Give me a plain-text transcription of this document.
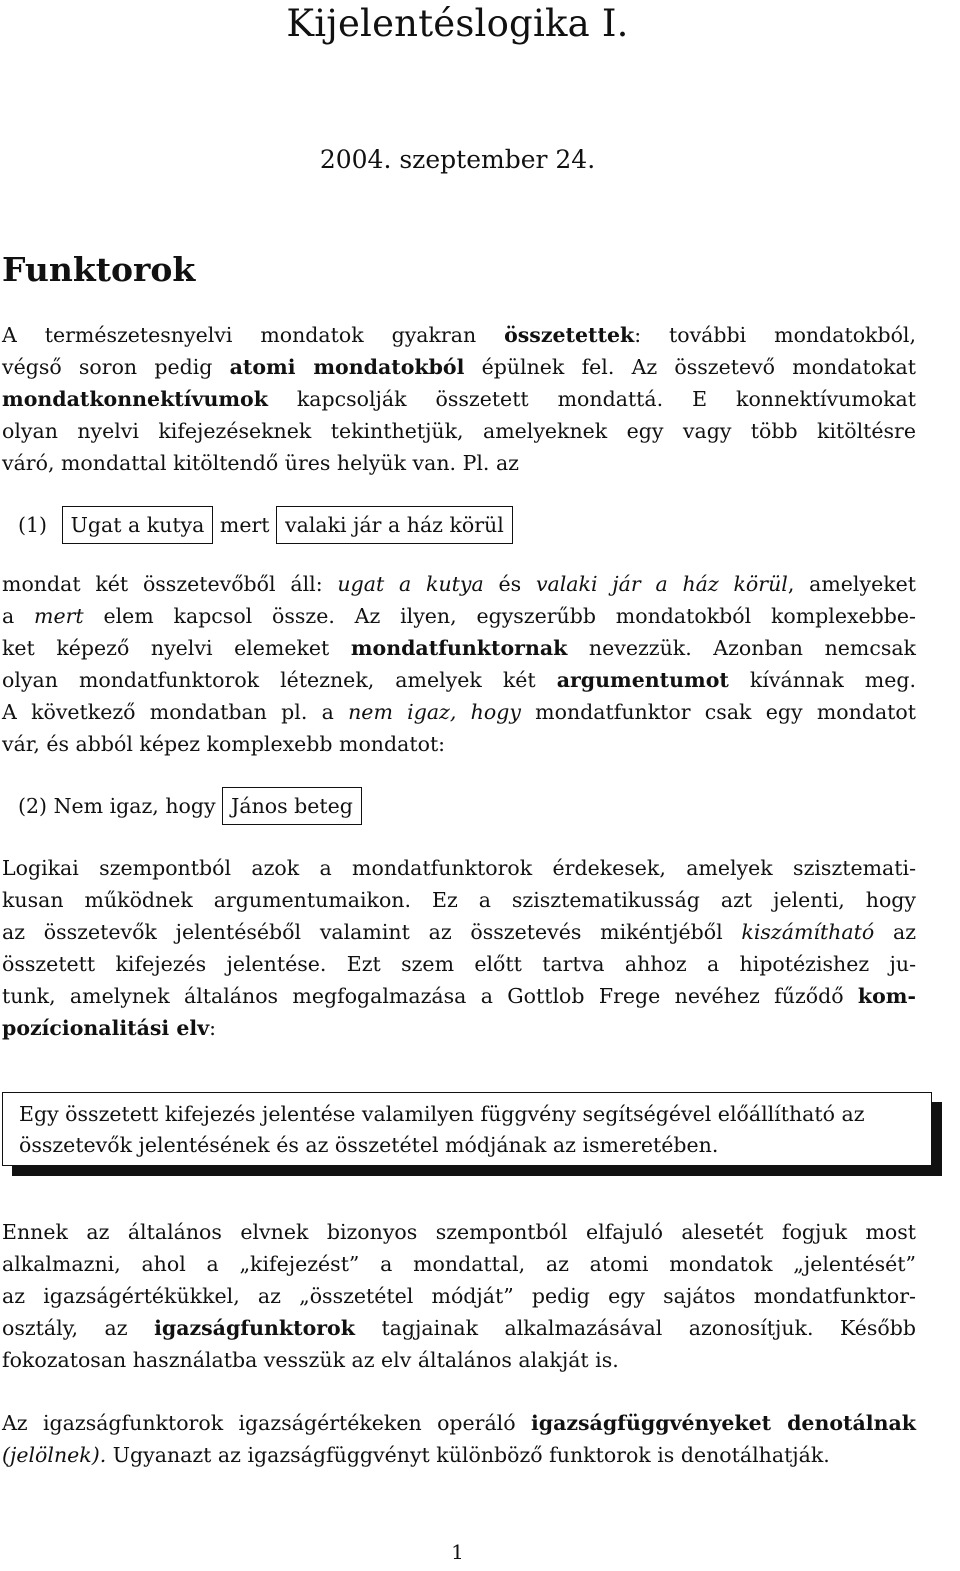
Kijelentéslogika I.
2004. szeptember 24.
Funktorok
A természetesnyelvi mondatok gyakran összetettek: további mondatokból,
végső soron pedig atomi mondatokból épülnek fel. Az összetevő mondatokat
mondatkonnektívumok kapcsolják összetett mondattá. E konnektívumokat
olyan nyelvi kifejezéseknek tekinthetjük, amelyeknek egy vagy több kitöltésre
váró, mondattal kitöltendő üres helyük van. Pl. az
(1) Ugat a kutya mert valaki jár a ház körül
mondat két összetevőből áll: ugat a kutya és valaki jár a ház körül, amelyeket
a mert elem kapcsol össze. Az ilyen, egyszerűbb mondatokból komplexebbe-
ket képező nyelvi elemeket mondatfunktornak nevezzük. Azonban nemcsak
olyan mondatfunktorok léteznek, amelyek két argumentumot kívánnak meg.
A következő mondatban pl. a nem igaz, hogy mondatfunktor csak egy mondatot
vár, és abból képez komplexebb mondatot:
(2) Nem igaz, hogy János beteg
Logikai szempontból azok a mondatfunktorok érdekesek, amelyek szisztemati-
kusan működnek argumentumaikon. Ez a szisztematikusság azt jelenti, hogy
az összetevők jelentéséből valamint az összetevés mikéntjéből kiszámítható az
összetett kifejezés jelentése. Ezt szem előtt tartva ahhoz a hipotézishez ju-
tunk, amelynek általános megfogalmazása a Gottlob Frege nevéhez fűződő kom-
pozícionalitási elv:
Egy összetett kifejezés jelentése valamilyen függvény segítségével előállítható az
összetevők jelentésének és az összetétel módjának az ismeretében.
Ennek az általános elvnek bizonyos szempontból elfajuló alesetét fogjuk most
alkalmazni, ahol a „kifejezést” a mondattal, az atomi mondatok „jelentését”
az igazságértékükkel, az „összetétel módját” pedig egy sajátos mondatfunktor-
osztály, az igazságfunktorok tagjainak alkalmazásával azonosítjuk. Később
fokozatosan használatba vesszük az elv általános alakját is.
Az igazságfunktorok igazságértékeken operáló igazságfüggvényeket denotálnak
(jelölnek). Ugyanazt az igazságfüggvényt különböző funktorok is denotálhatják.
1
